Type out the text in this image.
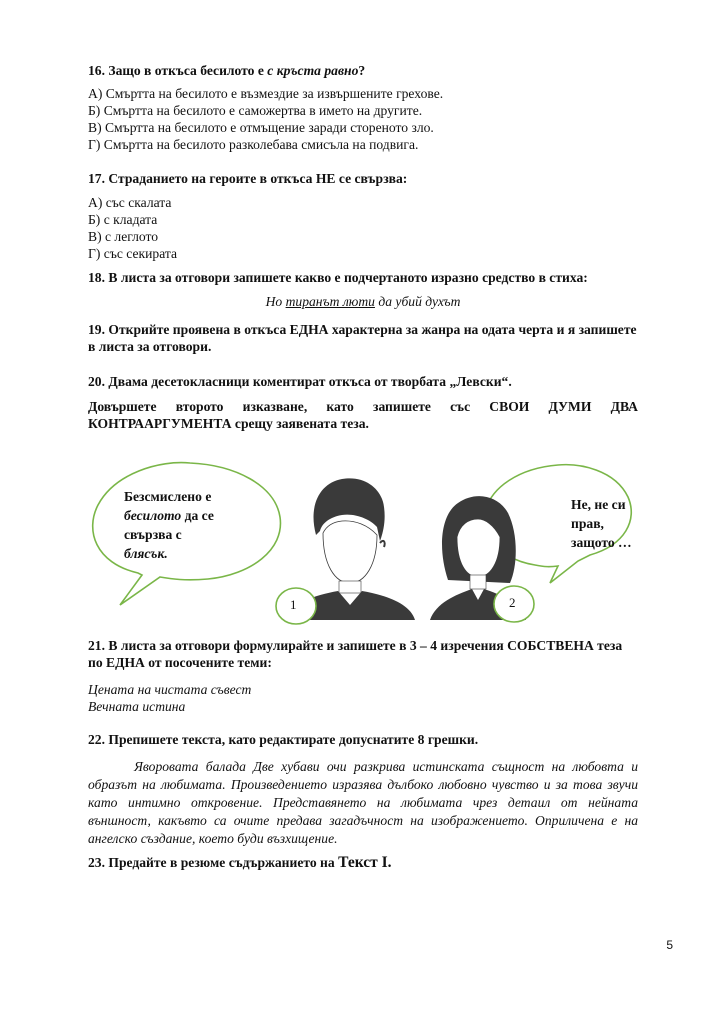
16. Защо в откъса бесилото е с кръста равно?
А) Смъртта на бесилото е възмездие за извършените грехове.
Б) Смъртта на бесилото е саможертва в името на другите.
В) Смъртта на бесилото е отмъщение заради стореното зло.
Г) Смъртта на бесилото разколебава смисъла на подвига.
17. Страданието на героите в откъса НЕ се свързва:
А) със скалата
Б) с кладата
В) с леглото
Г) със секирата
18. В листа за отговори запишете какво е подчертаното изразно средство в стиха:
Но тиранът люти да убий духът
19. Открийте проявена в откъса ЕДНА характерна за жанра на одата черта и я запишете в листа за отговори.
20. Двама десетокласници коментират откъса от творбата „Левски“.
Довършете второто изказване, като запишете със СВОИ ДУМИ ДВА КОНТРААРГУМЕНТА срещу заявената теза.
Безсмислено е
бесилото да се
свързва с
блясък.
Не, не си
прав,
защото …
1	2
21. В листа за отговори формулирайте и запишете в 3 – 4 изречения СОБСТВЕНА теза по ЕДНА от посочените теми:
Цената на чистата съвест
Вечната истина
22. Препишете текста, като редактирате допуснатите 8 грешки.
Яворовата балада Две хубави очи разкрива истинската същност на любовта и образът на любимата. Произведението изразява дълбоко любовно чувство и за това звучи като интимно откровение. Представянето на любимата чрез детаил от нейната външност, какъвто са очите предава загадъчност на изображението. Оприличена е на ангелско създание, което буди възхищение.
23. Предайте в резюме съдържанието на Текст I.
5
